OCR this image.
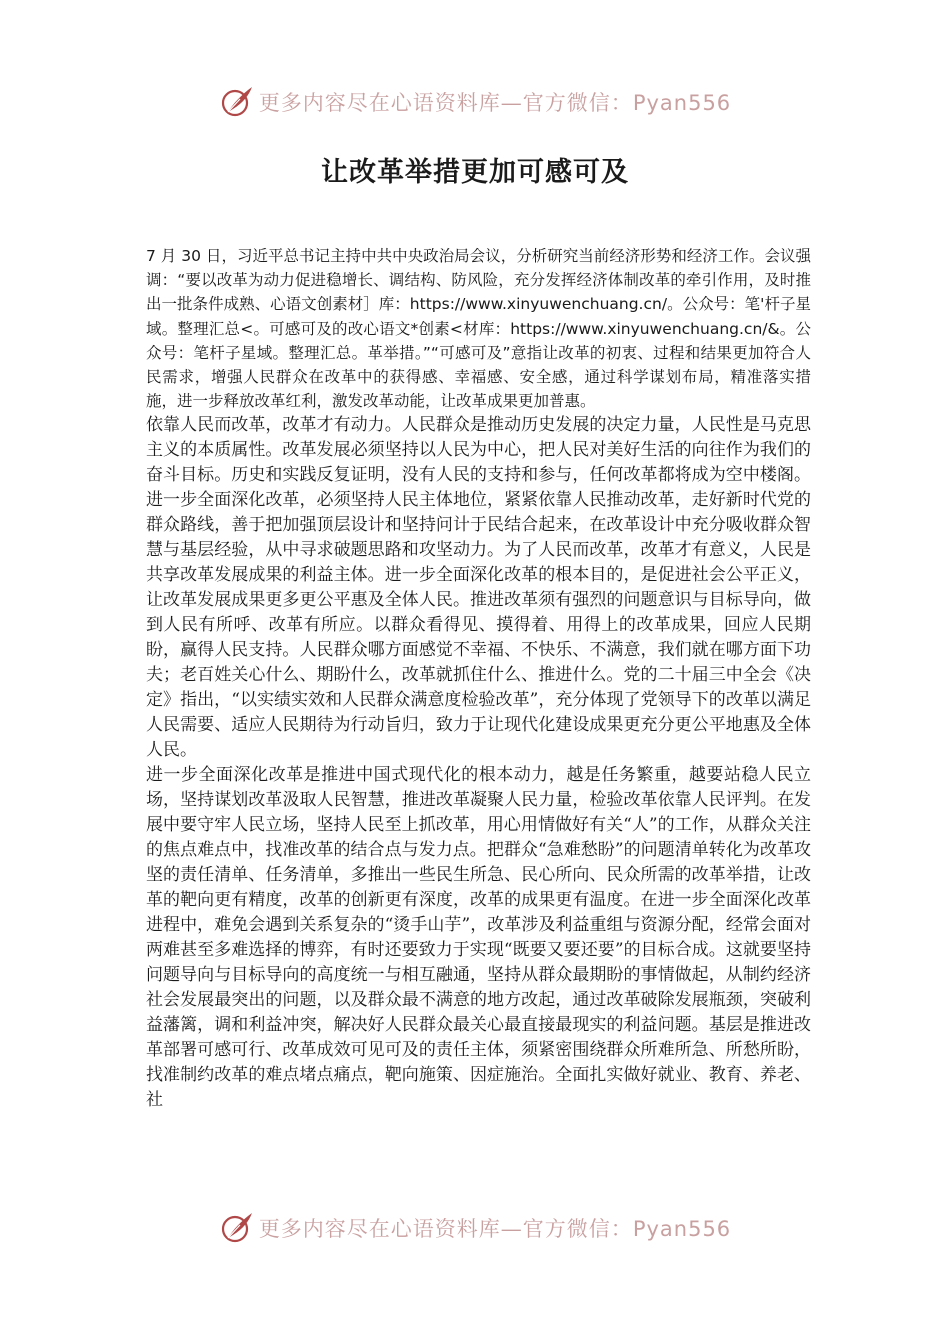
更多内容尽在心语资料库—官方微信：Pyan556
让改革举措更加可感可及

7 月 30 日，习近平总书记主持中共中央政治局会议，分析研究当前经济形势和经济工作。会议强调：“要以改革为动力促进稳增长、调结构、防风险，充分发挥经济体制改革的牵引作用，及时推出一批条件成熟、心语文创素材］库：https://www.xinyuwenchuang.cn/。公众号：笔'杆子星域。整理汇总<。可感可及的改心语文*创素<材库：https://www.xinyuwenchuang.cn/&。公众号：笔杆子星域。整理汇总。革举措。”“可感可及”意指让改革的初衷、过程和结果更加符合人民需求，增强人民群众在改革中的获得感、幸福感、安全感，通过科学谋划布局，精准落实措施，进一步释放改革红利，激发改革动能，让改革成果更加普惠。

依靠人民而改革，改革才有动力。人民群众是推动历史发展的决定力量，人民性是马克思主义的本质属性。改革发展必须坚持以人民为中心，把人民对美好生活的向往作为我们的奋斗目标。历史和实践反复证明，没有人民的支持和参与，任何改革都将成为空中楼阁。进一步全面深化改革，必须坚持人民主体地位，紧紧依靠人民推动改革，走好新时代党的群众路线，善于把加强顶层设计和坚持问计于民结合起来，在改革设计中充分吸收群众智慧与基层经验，从中寻求破题思路和攻坚动力。为了人民而改革，改革才有意义，人民是共享改革发展成果的利益主体。进一步全面深化改革的根本目的，是促进社会公平正义，让改革发展成果更多更公平惠及全体人民。推进改革须有强烈的问题意识与目标导向，做到人民有所呼、改革有所应。以群众看得见、摸得着、用得上的改革成果，回应人民期盼，赢得人民支持。人民群众哪方面感觉不幸福、不快乐、不满意，我们就在哪方面下功夫；老百姓关心什么、期盼什么，改革就抓住什么、推进什么。党的二十届三中全会《决定》指出，“以实绩实效和人民群众满意度检验改革”，充分体现了党领导下的改革以满足人民需要、适应人民期待为行动旨归，致力于让现代化建设成果更充分更公平地惠及全体人民。

进一步全面深化改革是推进中国式现代化的根本动力，越是任务繁重，越要站稳人民立场，坚持谋划改革汲取人民智慧，推进改革凝聚人民力量，检验改革依靠人民评判。在发展中要守牢人民立场，坚持人民至上抓改革，用心用情做好有关“人”的工作，从群众关注的焦点难点中，找准改革的结合点与发力点。把群众“急难愁盼”的问题清单转化为改革攻坚的责任清单、任务清单，多推出一些民生所急、民心所向、民众所需的改革举措，让改革的靶向更有精度，改革的创新更有深度，改革的成果更有温度。在进一步全面深化改革进程中，难免会遇到关系复杂的“烫手山芋”，改革涉及利益重组与资源分配，经常会面对两难甚至多难选择的博弈，有时还要致力于实现“既要又要还要”的目标合成。这就要坚持问题导向与目标导向的高度统一与相互融通，坚持从群众最期盼的事情做起，从制约经济社会发展最突出的问题，以及群众最不满意的地方改起，通过改革破除发展瓶颈，突破利益藩篱，调和利益冲突，解决好人民群众最关心最直接最现实的利益问题。基层是推进改革部署可感可行、改革成效可见可及的责任主体，须紧密围绕群众所难所急、所愁所盼，找准制约改革的难点堵点痛点，靶向施策、因症施治。全面扎实做好就业、教育、养老、社

更多内容尽在心语资料库—官方微信：Pyan556
